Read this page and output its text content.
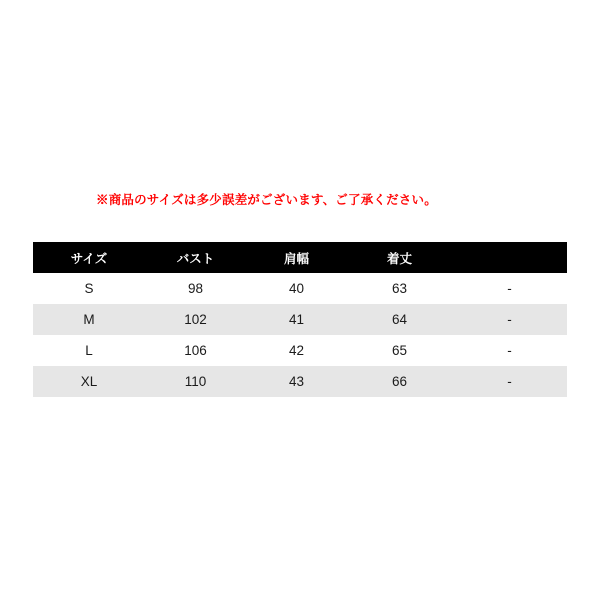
※商品のサイズは多少誤差がございます、ご了承ください。
サイズ	バスト	肩幅	着丈	
S	98	40	63	-
M	102	41	64	-
L	106	42	65	-
XL	110	43	66	-
